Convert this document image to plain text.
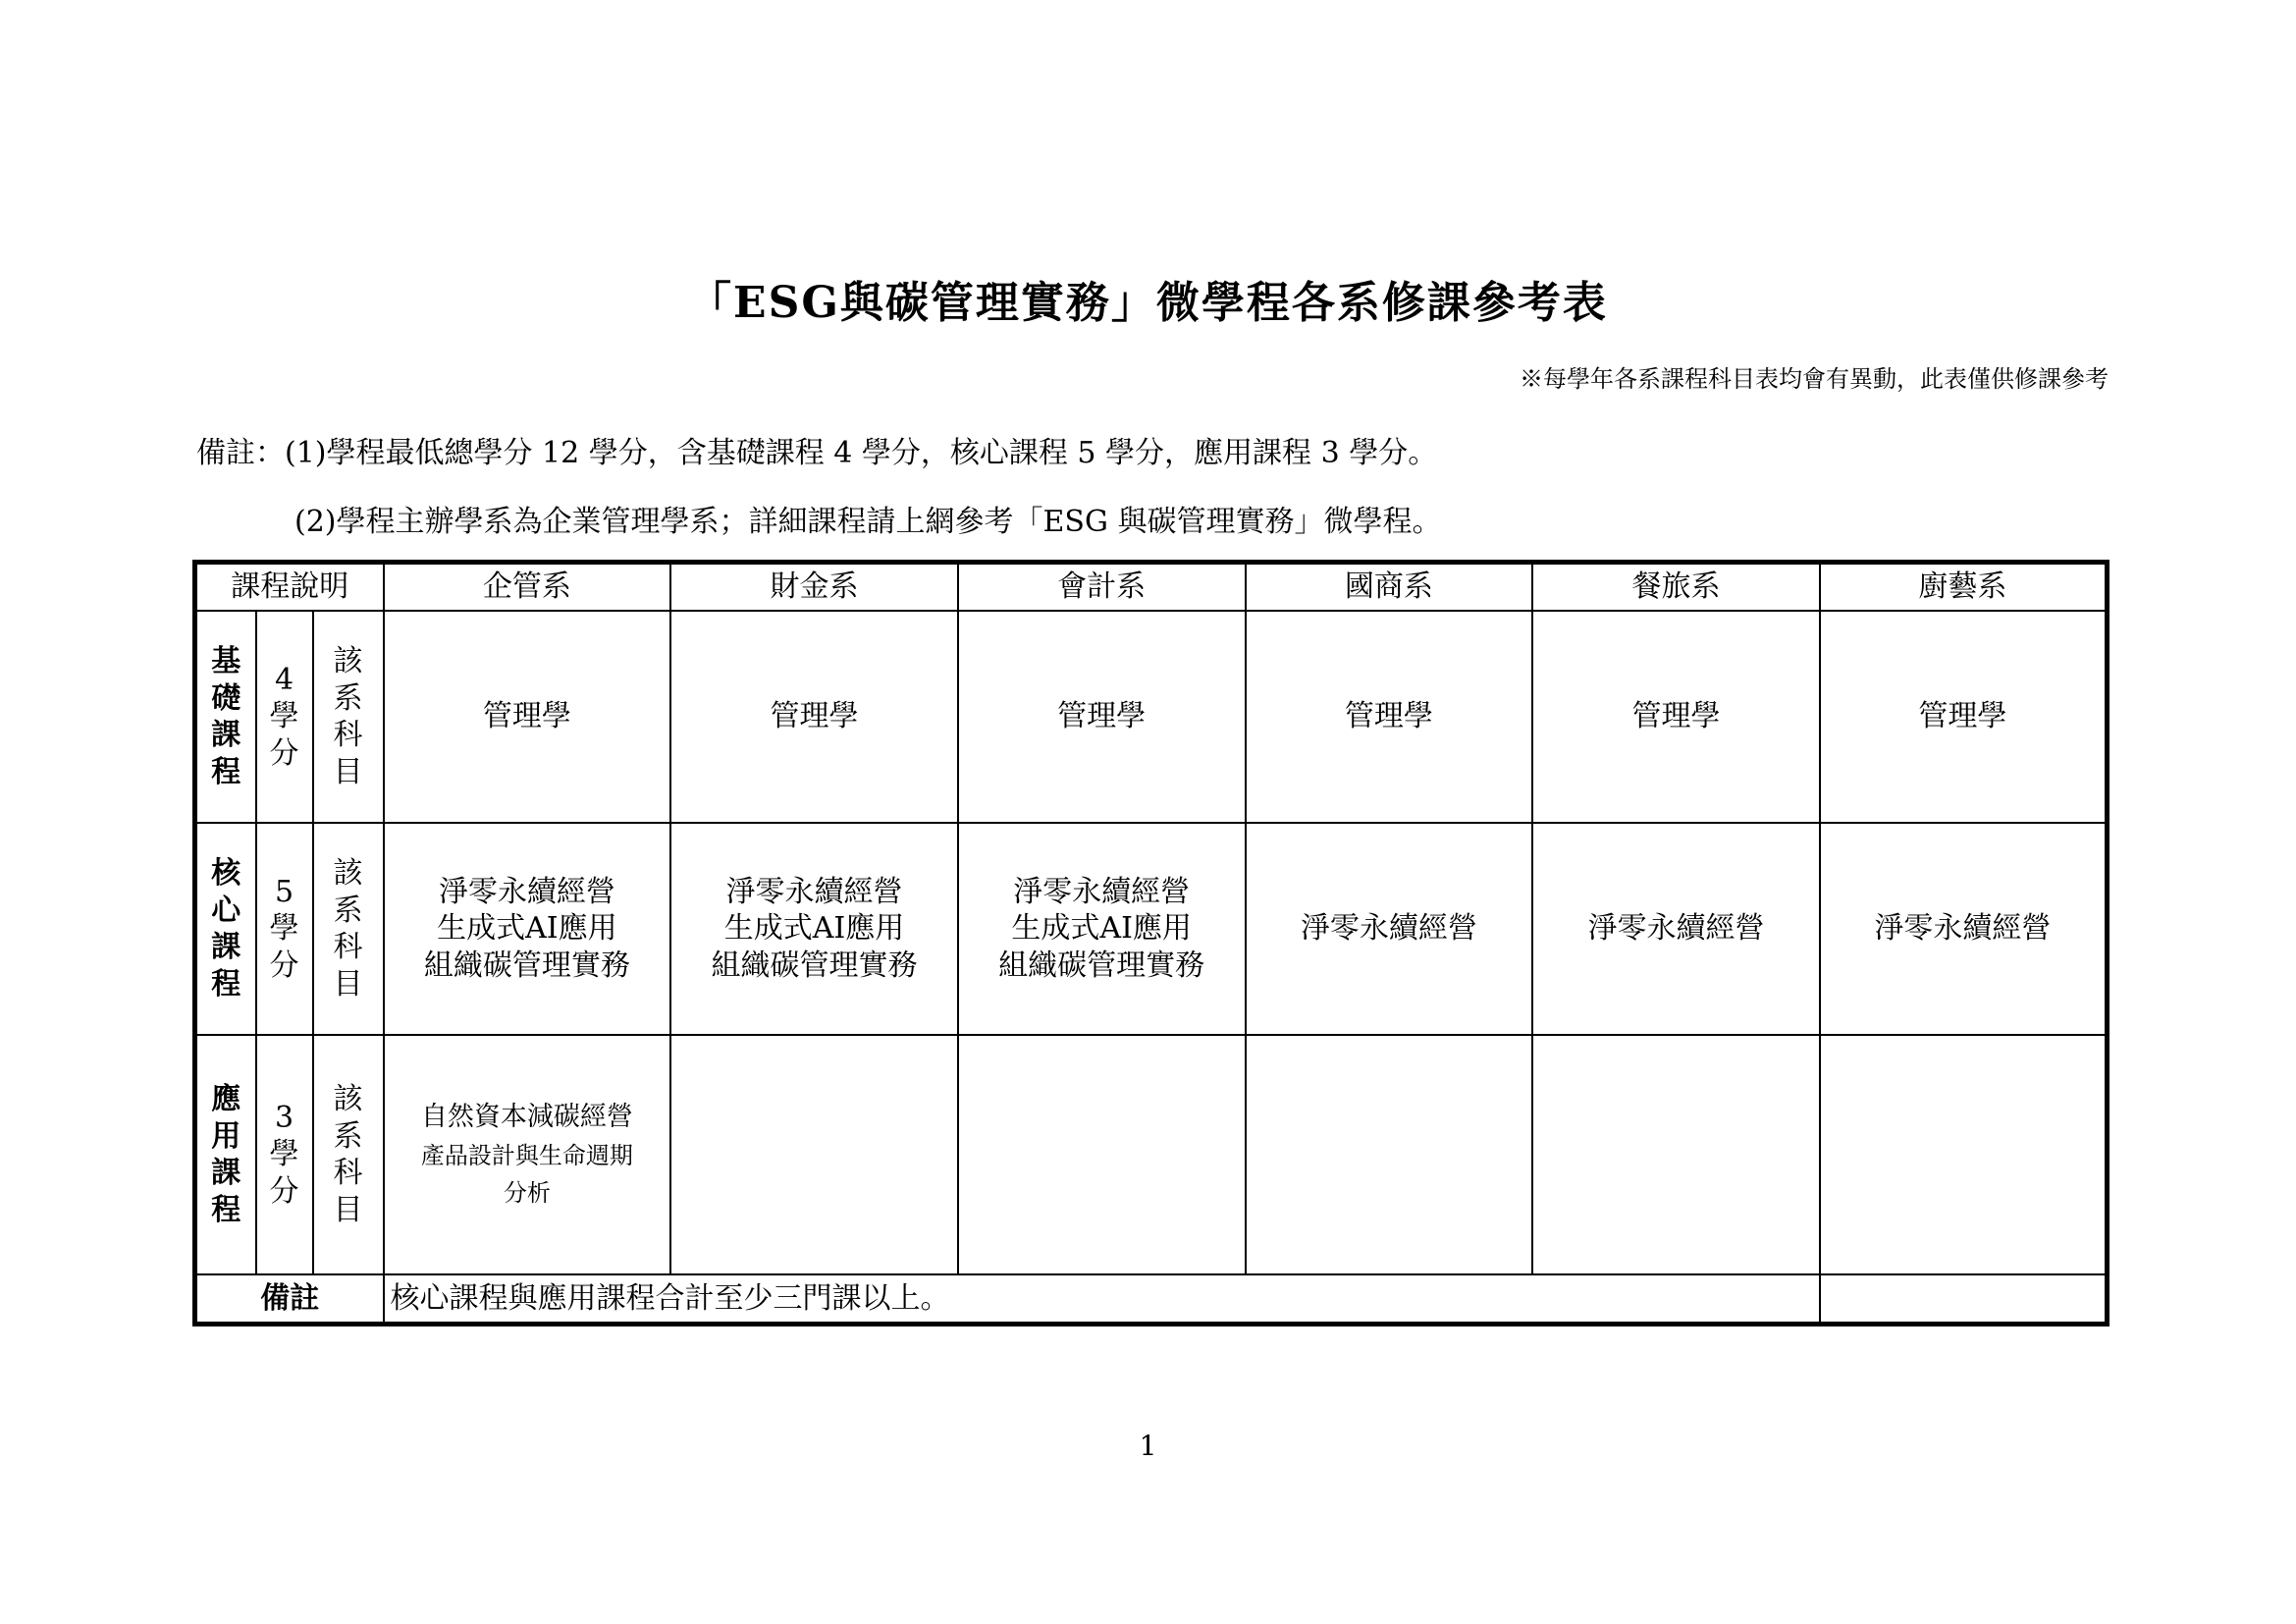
「ESG與碳管理實務」微學程各系修課參考表
※每學年各系課程科目表均會有異動，此表僅供修課參考
備註：(1)學程最低總學分 12 學分，含基礎課程 4 學分，核心課程 5 學分，應用課程 3 學分。
(2)學程主辦學系為企業管理學系；詳細課程請上網參考「ESG 與碳管理實務」微學程。
課程說明			企管系	財金系	會計系	國商系	餐旅系	廚藝系

基
礎
課
程	4
學
分	該
系
科
目	管理學	管理學	管理學	管理學	管理學	管理學

核
心
課
程	5
學
分	該
系
科
目	淨零永續經營
生成式AI應用
組織碳管理實務	淨零永續經營
生成式AI應用
組織碳管理實務	淨零永續經營
生成式AI應用
組織碳管理實務	淨零永續經營	淨零永續經營	淨零永續經營

應
用
課
程	3
學
分	該
系
科
目	自然資本減碳經營
產品設計與生命週期
分析					

備註			核心課程與應用課程合計至少三門課以上。					
1
